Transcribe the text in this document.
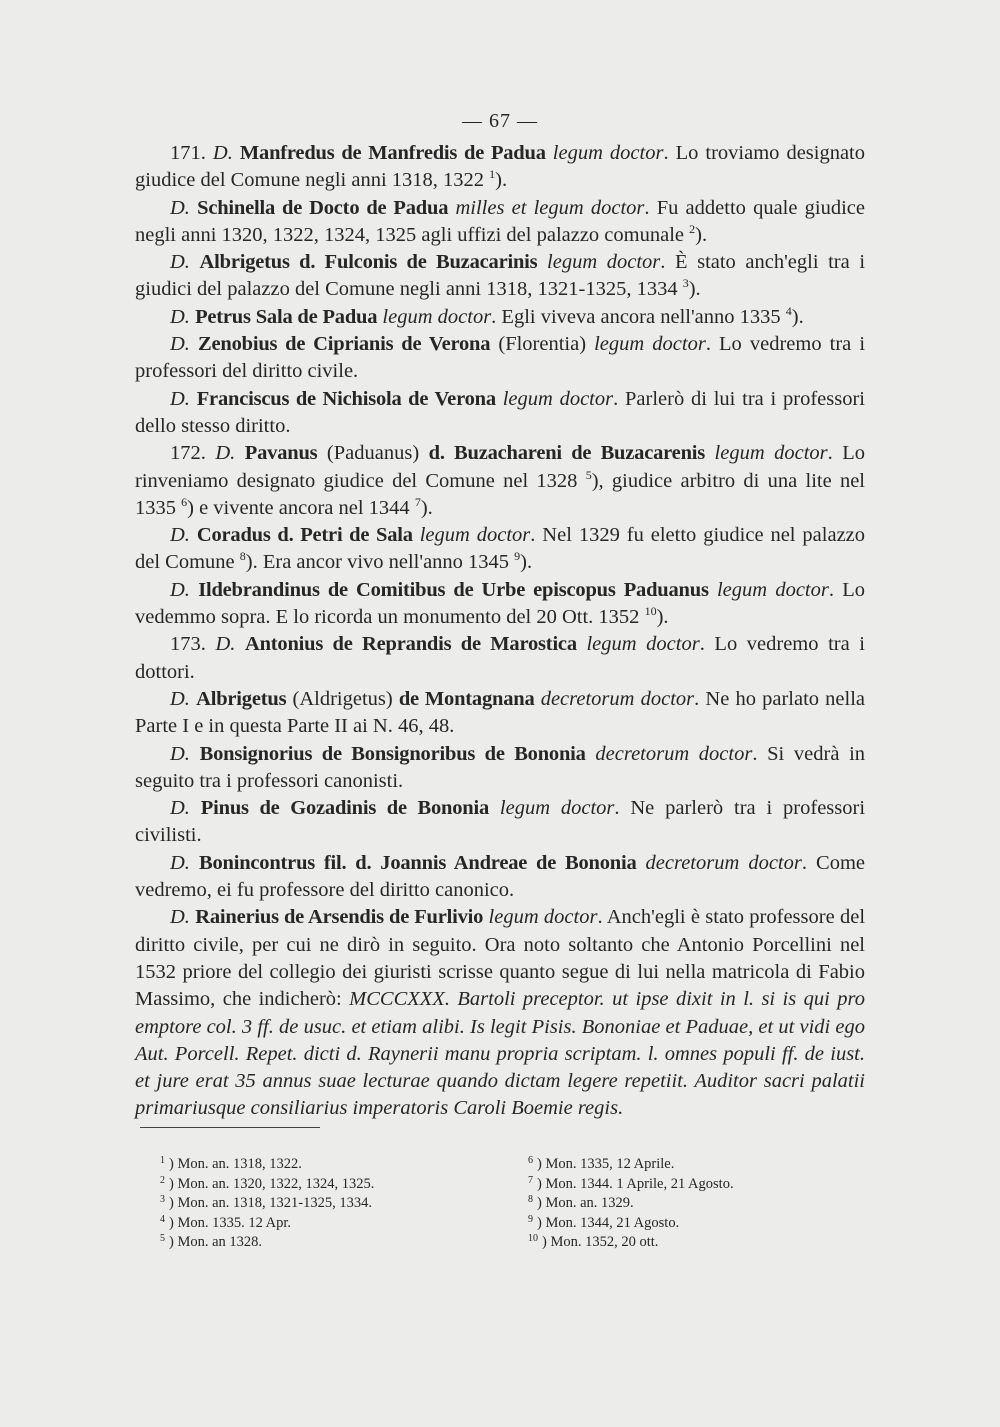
— 67 —

171. D. Manfredus de Manfredis de Padua legum doctor. Lo troviamo designato giudice del Comune negli anni 1318, 1322 $^1$).

D. Schinella de Docto de Padua milles et legum doctor. Fu addetto quale giudice negli anni 1320, 1322, 1324, 1325 agli uffizi del palazzo comunale $^2$).

D. Albrigetus d. Fulconis de Buzacarinis legum doctor. È stato anch'egli tra i giudici del palazzo del Comune negli anni 1318, 1321-1325, 1334 $^3$).

D. Petrus Sala de Padua legum doctor. Egli viveva ancora nell'anno 1335 $^4$).

D. Zenobius de Ciprianis de Verona (Florentia) legum doctor. Lo vedremo tra i professori del diritto civile.

D. Franciscus de Nichisola de Verona legum doctor. Parlerò di lui tra i professori dello stesso diritto.

172. D. Pavanus (Paduanus) d. Buzachareni de Buzacarenis legum doctor. Lo rinveniamo designato giudice del Comune nel 1328 $^5$), giudice arbitro di una lite nel 1335 $^6$) e vivente ancora nel 1344 $^7$).

D. Coradus d. Petri de Sala legum doctor. Nel 1329 fu eletto giudice nel palazzo del Comune $^8$). Era ancor vivo nell'anno 1345 $^9$).

D. Ildebrandinus de Comitibus de Urbe episcopus Paduanus legum doctor. Lo vedemmo sopra. E lo ricorda un monumento del 20 Ott. 1352 $^{10}$).

173. D. Antonius de Reprandis de Marostica legum doctor. Lo vedremo tra i dottori.

D. Albrigetus (Aldrigetus) de Montagnana decretorum doctor. Ne ho parlato nella Parte I e in questa Parte II ai N. 46, 48.

D. Bonsignorius de Bonsignoribus de Bononia decretorum doctor. Si vedrà in seguito tra i professori canonisti.

D. Pinus de Gozadinis de Bononia legum doctor. Ne parlerò tra i professori civilisti.

D. Bonincontrus fil. d. Joannis Andreae de Bononia decretorum doctor. Come vedremo, ei fu professore del diritto canonico.

D. Rainerius de Arsendis de Furlivio legum doctor. Anch'egli è stato professore del diritto civile, per cui ne dirò in seguito. Ora noto soltanto che Antonio Porcellini nel 1532 priore del collegio dei giuristi scrisse quanto segue di lui nella matricola di Fabio Massimo, che indicherò: MCCCXXX. Bartoli preceptor. ut ipse dixit in l. si is qui pro emptore col. 3 ff. de usuc. et etiam alibi. Is legit Pisis. Bononiae et Paduae, et ut vidi ego Aut. Porcell. Repet. dicti d. Raynerii manu propria scriptam. l. omnes populi ff. de iust. et jure erat 35 annus suae lecturae quando dictam legere repetiit. Auditor sacri palatii primariusque consiliarius imperatoris Caroli Boemie regis.

$^1$ ) Mon. an. 1318, 1322.
$^2$ ) Mon. an. 1320, 1322, 1324, 1325.
$^3$ ) Mon. an. 1318, 1321-1325, 1334.
$^4$ ) Mon. 1335. 12 Apr.
$^5$ ) Mon. an 1328.
$^6$ ) Mon. 1335, 12 Aprile.
$^7$ ) Mon. 1344. 1 Aprile, 21 Agosto.
$^8$ ) Mon. an. 1329.
$^9$ ) Mon. 1344, 21 Agosto.
$^{10}$ ) Mon. 1352, 20 ott.
